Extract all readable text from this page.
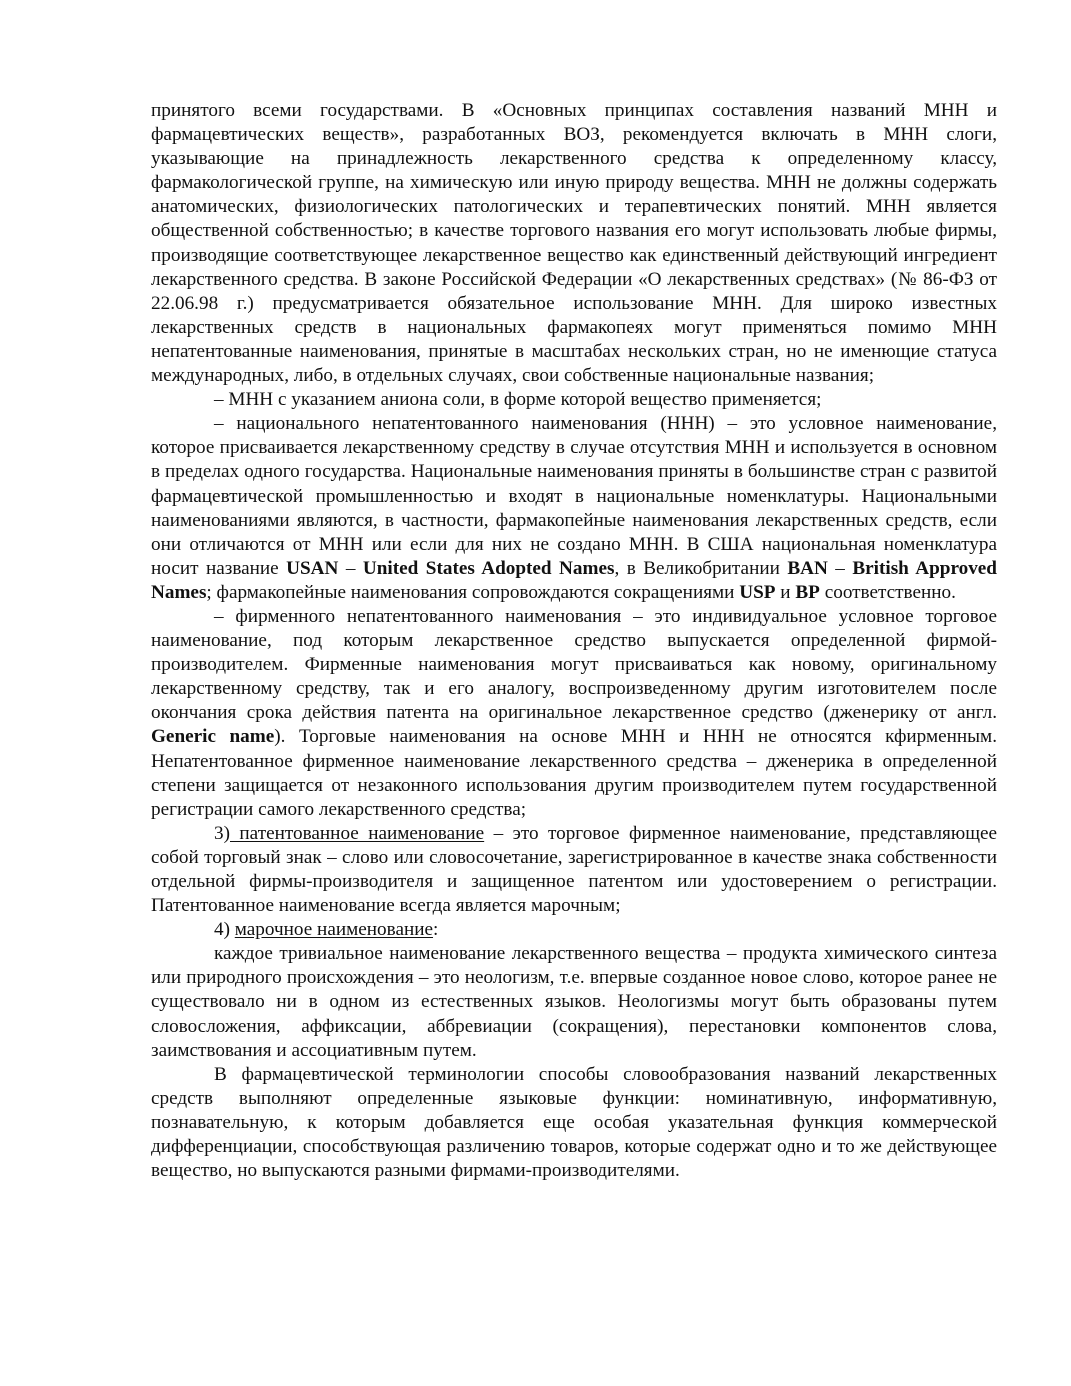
принятого всеми государствами. В «Основных принципах составления названий МНН и фармацевтических веществ», разработанных ВОЗ, рекомендуется включать в МНН слоги, указывающие на принадлежность лекарственного средства к определенному классу, фармакологической группе, на химическую или иную природу вещества. МНН не должны содержать анатомических, физиологических патологических и терапевтических понятий. МНН является общественной собственностью; в качестве торгового названия его могут использовать любые фирмы, производящие соответствующее лекарственное вещество как единственный действующий ингредиент лекарственного средства. В законе Российской Федерации «О лекарственных средствах» (№ 86-ФЗ от 22.06.98 г.) предусматривается обязательное использование МНН. Для широко известных лекарственных средств в национальных фармакопеях могут применяться помимо МНН непатентованные наименования, принятые в масштабах нескольких стран, но не именющие статуса международных, либо, в отдельных случаях, свои собственные национальные названия;

– МНН с указанием аниона соли, в форме которой вещество применяется;

– национального непатентованного наименования (ННН) – это условное наименование, которое присваивается лекарственному средству в случае отсутствия МНН и используется в основном в пределах одного государства. Национальные наименования приняты в большинстве стран с развитой фармацевтической промышленностью и входят в национальные номенклатуры. Национальными наименованиями являются, в частности, фармакопейные наименования лекарственных средств, если они отличаются от МНН или если для них не создано МНН. В США национальная номенклатура носит название USAN – United States Adopted Names, в Великобритании BAN – British Approved Names; фармакопейные наименования сопровождаются сокращениями USP и BP соответственно.

– фирменного непатентованного наименования – это индивидуальное условное торговое наименование, под которым лекарственное средство выпускается определенной фирмой-производителем. Фирменные наименования могут присваиваться как новому, оригинальному лекарственному средству, так и его аналогу, воспроизведенному другим изготовителем после окончания срока действия патента на оригинальное лекарственное средство (дженерику от англ. Generic name). Торговые наименования на основе МНН и ННН не относятся кфирменным. Непатентованное фирменное наименование лекарственного средства – дженерика в определенной степени защищается от незаконного использования другим производителем путем государственной регистрации самого лекарственного средства;

3) патентованное наименование – это торговое фирменное наименование, представляющее собой торговый знак – слово или словосочетание, зарегистрированное в качестве знака собственности отдельной фирмы-производителя и защищенное патентом или удостоверением о регистрации. Патентованное наименование всегда является марочным;

4) марочное наименование:

каждое тривиальное наименование лекарственного вещества – продукта химического синтеза или природного происхождения – это неологизм, т.е. впервые созданное новое слово, которое ранее не существовало ни в одном из естественных языков. Неологизмы могут быть образованы путем словосложения, аффиксации, аббревиации (сокращения), перестановки компонентов слова, заимствования и ассоциативным путем.

В фармацевтической терминологии способы словообразования названий лекарственных средств выполняют определенные языковые функции: номинативную, информативную, познавательную, к которым добавляется еще особая указательная функция коммерческой дифференциации, способствующая различению товаров, которые содержат одно и то же действующее вещество, но выпускаются разными фирмами-производителями.
